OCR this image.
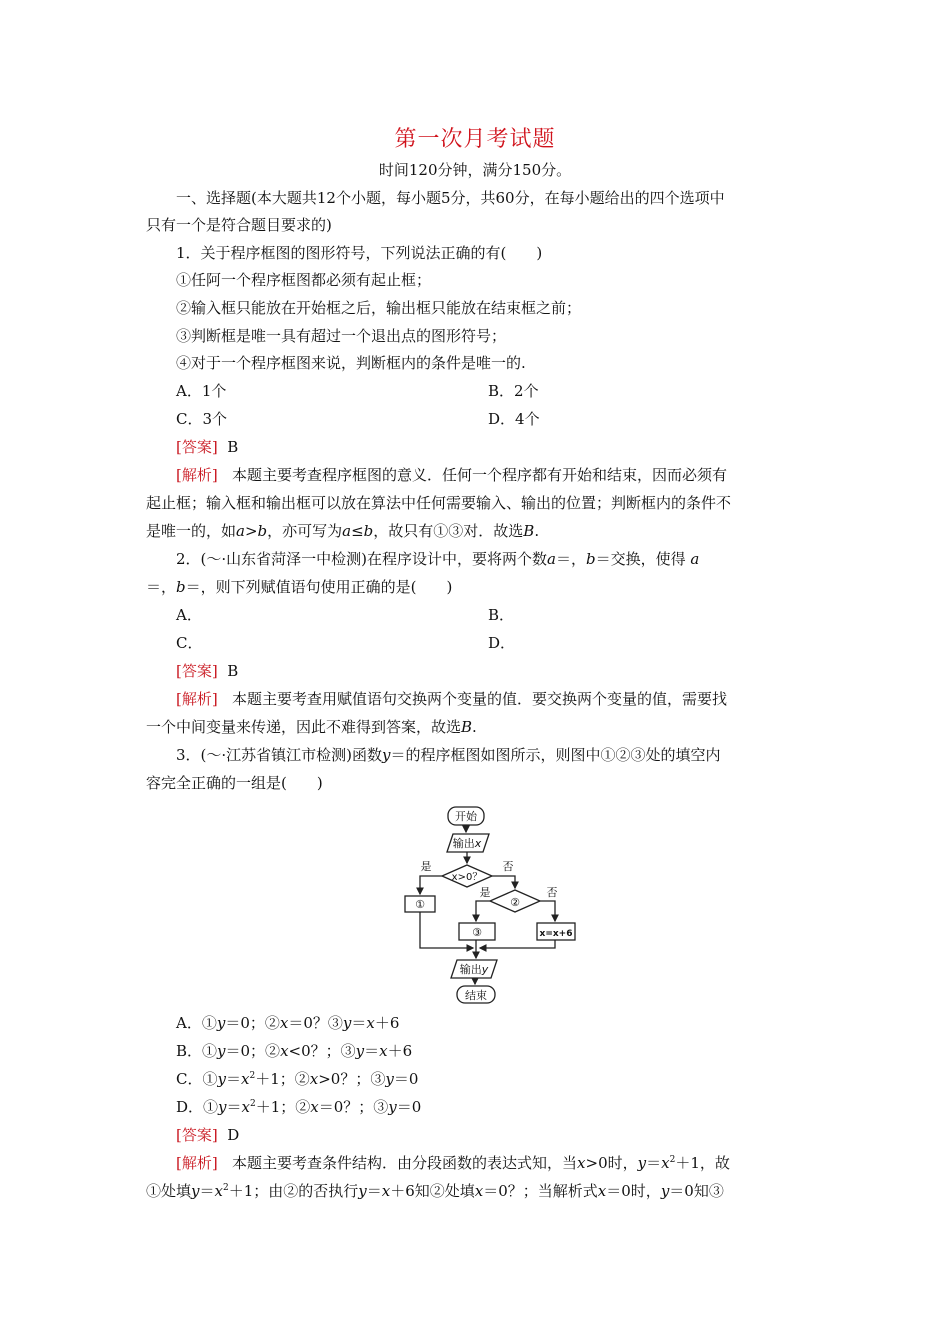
第一次月考试题
时间120分钟，满分150分。
一、选择题(本大题共12个小题，每小题5分，共60分，在每小题给出的四个选项中
只有一个是符合题目要求的)
1．关于程序框图的图形符号，下列说法正确的有(　　)
①任阿一个程序框图都必须有起止框；
②输入框只能放在开始框之后，输出框只能放在结束框之前；
③判断框是唯一具有超过一个退出点的图形符号；
④对于一个程序框图来说，判断框内的条件是唯一的.
A．1个	B．2个
C．3个	D．4个
[答案] B
[解析] 本题主要考查程序框图的意义．任何一个程序都有开始和结束，因而必须有
起止框；输入框和输出框可以放在算法中任何需要输入、输出的位置；判断框内的条件不
是唯一的，如a>b，亦可写为a≤b，故只有①③对．故选B.
2．(～·山东省菏泽一中检测)在程序设计中，要将两个数a＝，b＝交换，使得 a
＝，b＝，则下列赋值语句使用正确的是(　　)
A．	B．
C．	D．
[答案] B
[解析] 本题主要考查用赋值语句交换两个变量的值．要交换两个变量的值，需要找
一个中间变量来传递，因此不难得到答案，故选B.
3．(～·江苏省镇江市检测)函数y＝的程序框图如图所示，则图中①②③处的填空内
容完全正确的一组是(　　)
开始
输出x
x>0？
是	否
①	②
是	否
③	x=x+6
输出y
结束
A．①y＝0；②x＝0？③y＝x＋6
B．①y＝0；②x<0？；③y＝x＋6
C．$①y=x^2+1$；②x>0？；③y＝0
D．$①y=x^2+1$；②x＝0？；③y＝0
[答案] D
[解析] 本题主要考查条件结构．由分段函数的表达式知，当x>0时，$y=x^2+1$，故
①处填$y=x^2+1$；由②的否执行y＝x＋6知②处填x＝0？；当解析式x＝0时，y＝0知③
